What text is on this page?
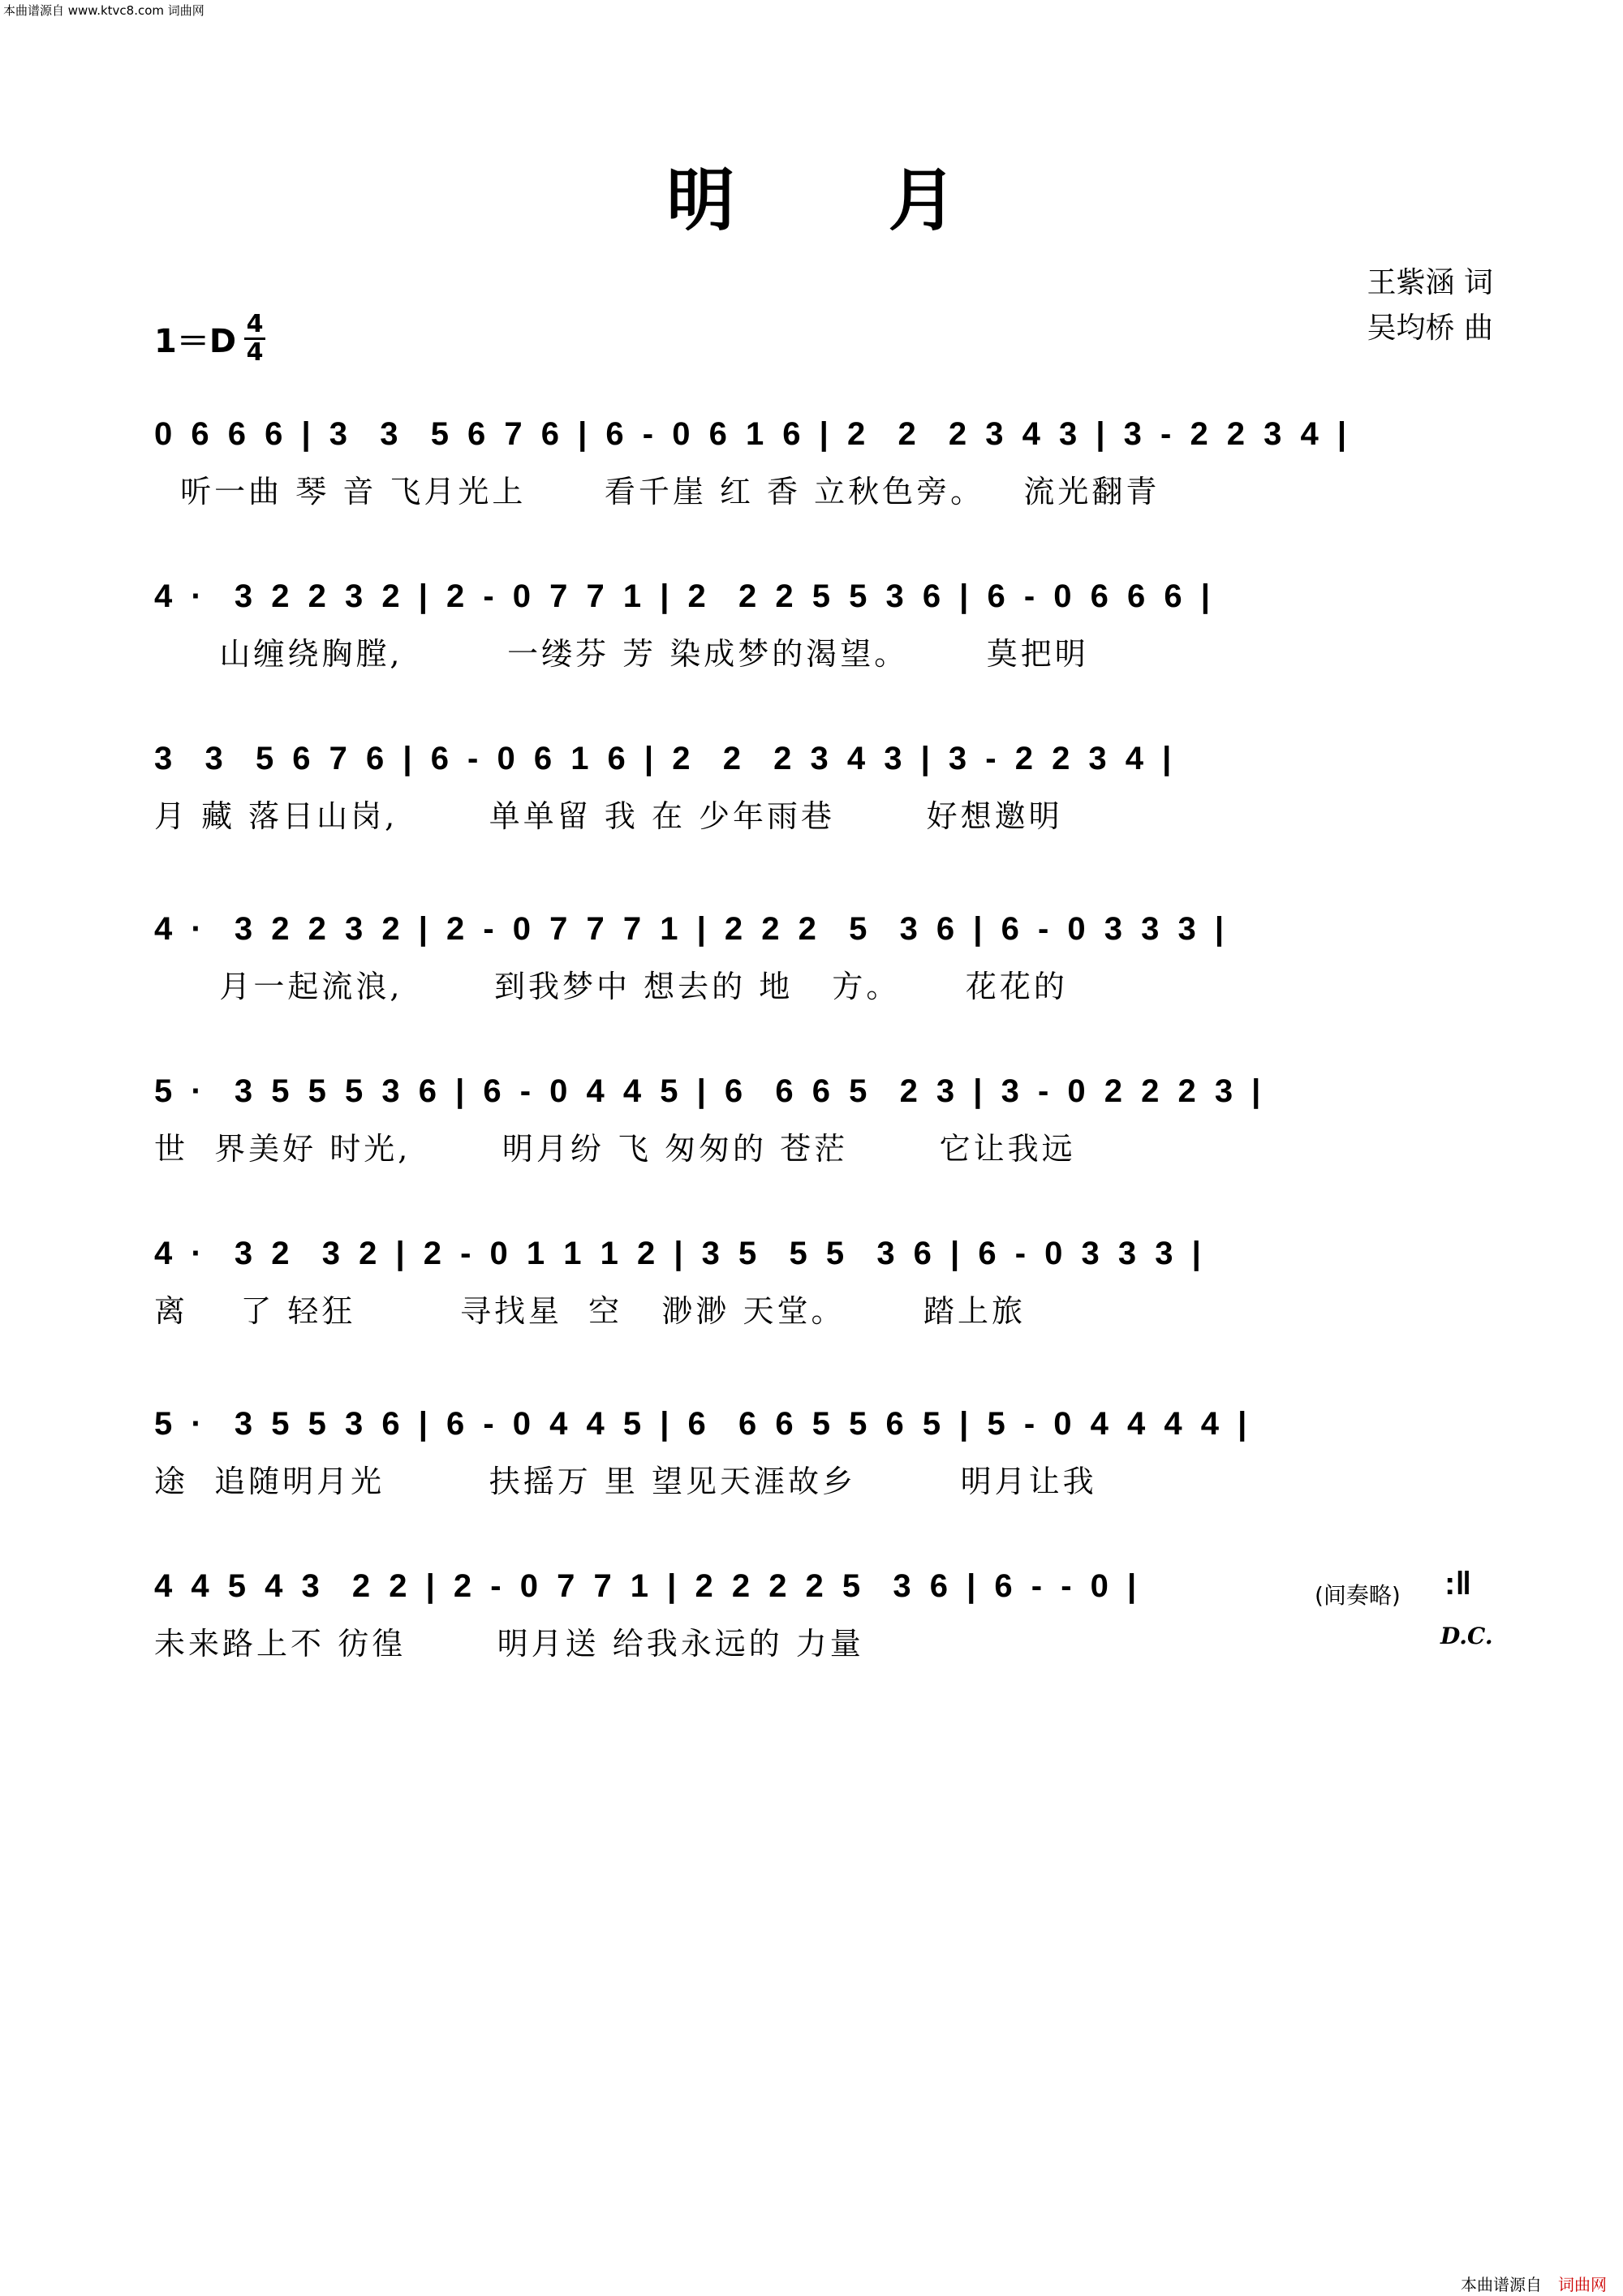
本曲谱源自 www.ktvc8.com 词曲网
明 月
王紫涵 词
吴均桥 曲
$1=D \frac{4}{4}$
0 6 6 6 | 3  3  5 6 7 6 | 6 - 0 6 1 6 | 2  2  2 3 4 3 | 3 - 2 2 3 4 |
听一曲 琴 音 飞月光上      看千崖 红 香 立秋色旁。   流光翻青
4 ·  3 2 2 3 2 | 2 - 0 7 7 1 | 2  2 2 5 5 3 6 | 6 - 0 6 6 6 |
山缠绕胸膛,        一缕芬 芳 染成梦的渴望。      莫把明
3  3  5 6 7 6 | 6 - 0 6 1 6 | 2  2  2 3 4 3 | 3 - 2 2 3 4 |
月 藏 落日山岗,       单单留 我 在 少年雨巷       好想邀明
4 ·  3 2 2 3 2 | 2 - 0 7 7 7 1 | 2 2 2  5  3 6 | 6 - 0 3 3 3 |
月一起流浪,       到我梦中 想去的 地   方。     花花的
5 ·  3 5 5 5 3 6 | 6 - 0 4 4 5 | 6  6 6 5  2 3 | 3 - 0 2 2 2 3 |
世  界美好 时光,       明月纷 飞 匆匆的 苍茫       它让我远
4 ·  3 2  3 2 | 2 - 0 1 1 1 2 | 3 5  5 5  3 6 | 6 - 0 3 3 3 |
离    了 轻狂        寻找星  空   渺渺 天堂。      踏上旅
5 ·  3 5 5 3 6 | 6 - 0 4 4 5 | 6  6 6 5 5 6 5 | 5 - 0 4 4 4 4 |
途  追随明月光        扶摇万 里 望见天涯故乡        明月让我
4 4 5 4 3  2 2 | 2 - 0 7 7 1 | 2 2 2 2 5  3 6 | 6 - - 0 |
未来路上不 彷徨       明月送 给我永远的 力量
(间奏略) :‖
D.C.
本曲谱源自 词曲网
